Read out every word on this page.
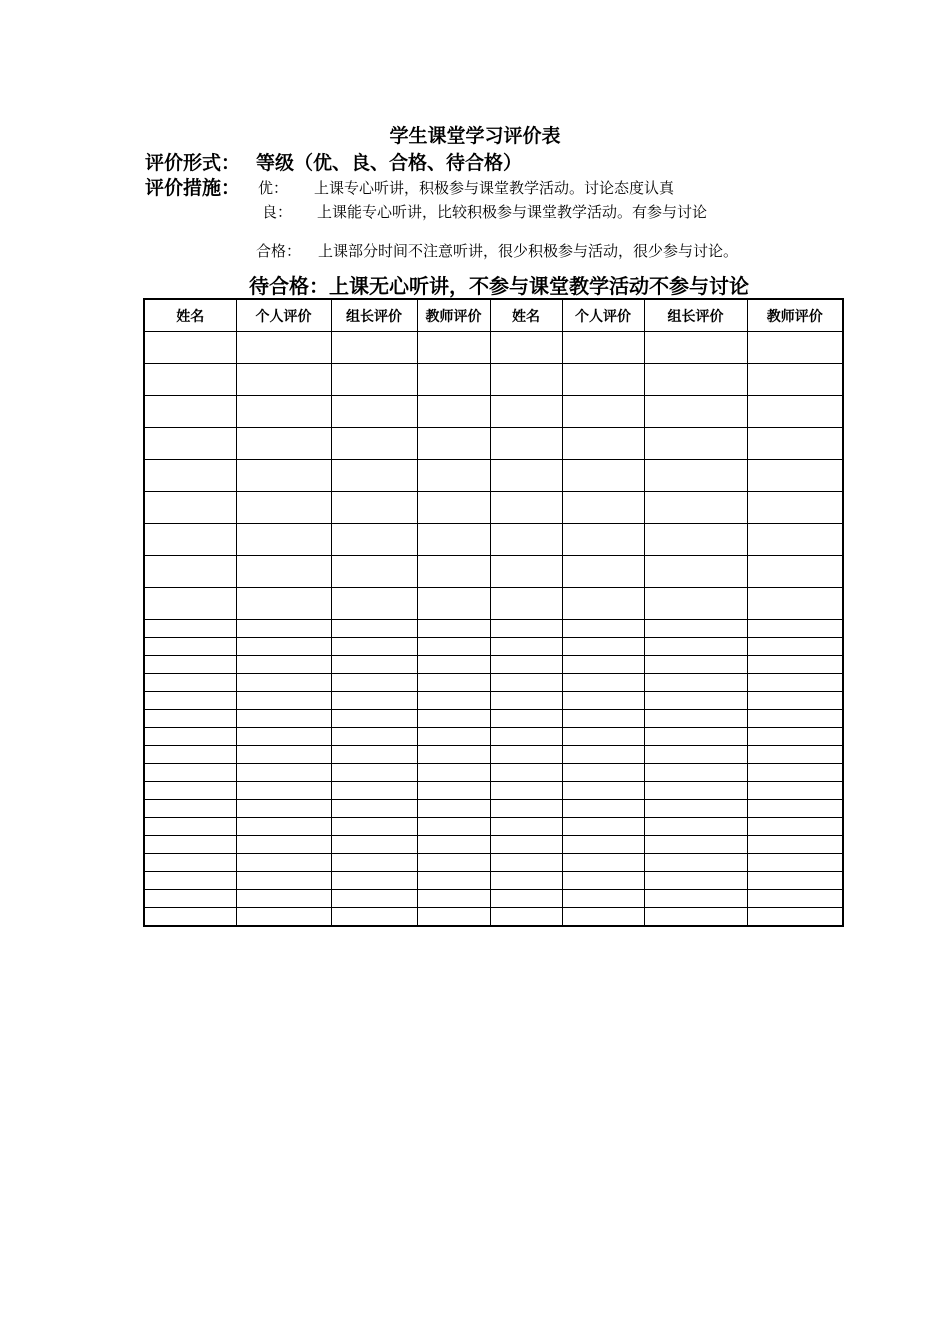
学生课堂学习评价表
评价形式： 等级（优、良、合格、待合格）
评价措施： 优： 上课专心听讲，积极参与课堂教学活动。讨论态度认真
良： 上课能专心听讲，比较积极参与课堂教学活动。有参与讨论
合格： 上课部分时间不注意听讲，很少积极参与活动，很少参与讨论。
待合格：上课无心听讲，不参与课堂教学活动不参与讨论
姓名	个人评价	组长评价	教师评价	姓名	个人评价	组长评价	教师评价
